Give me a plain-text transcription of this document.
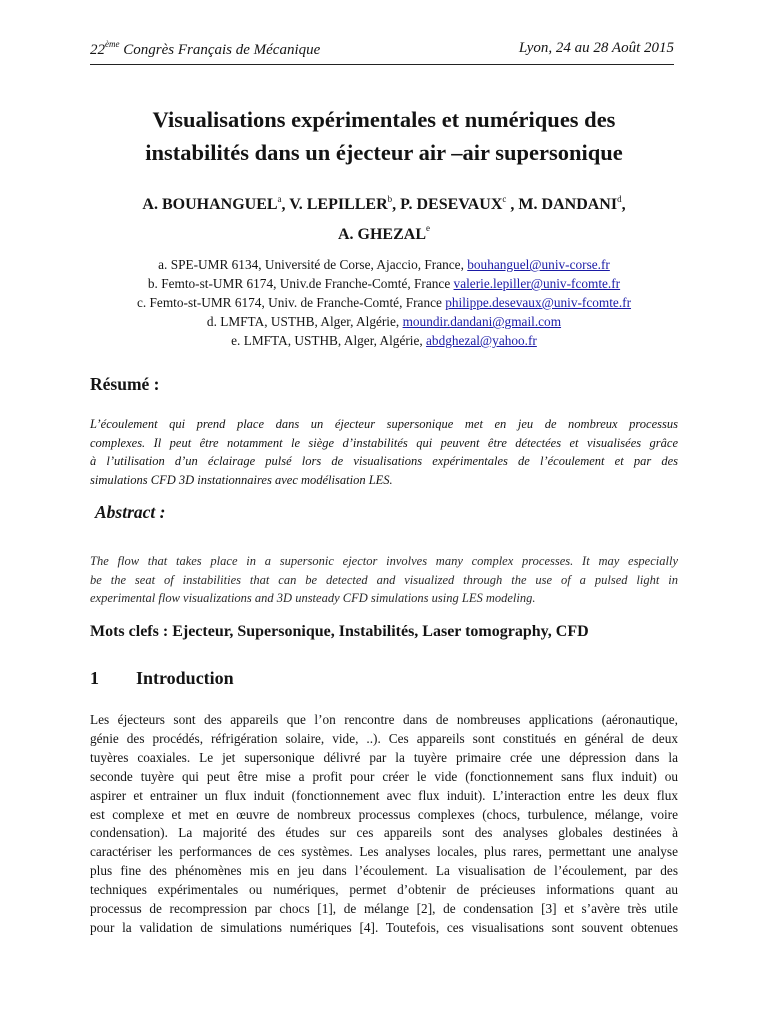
22ème Congrès Français de Mécanique	Lyon, 24 au 28 Août 2015
Visualisations expérimentales et numériques des
instabilités dans un éjecteur air –air supersonique
A. BOUHANGUEL$^a$, V. LEPILLER$^b$, P. DESEVAUX$^c$ , M. DANDANI$^d$,
A. GHEZAL$^e$
a. SPE-UMR 6134, Université de Corse, Ajaccio, France, bouhanguel@univ-corse.fr
b. Femto-st-UMR 6174, Univ.de Franche-Comté, France valerie.lepiller@univ-fcomte.fr
c. Femto-st-UMR 6174, Univ. de Franche-Comté, France philippe.desevaux@univ-fcomte.fr
d. LMFTA, USTHB, Alger, Algérie, moundir.dandani@gmail.com
e. LMFTA, USTHB, Alger, Algérie, abdghezal@yahoo.fr
Résumé :
L’écoulement qui prend place dans un éjecteur supersonique met en jeu de nombreux processus
complexes. Il peut être notamment le siège d’instabilités qui peuvent être détectées et visualisées grâce
à l’utilisation d’un éclairage pulsé lors de visualisations expérimentales de l’écoulement et par des
simulations CFD 3D instationnaires avec modélisation LES.
Abstract :
The flow that takes place in a supersonic ejector involves many complex processes. It may especially
be the seat of instabilities that can be detected and visualized through the use of a pulsed light in
experimental flow visualizations and 3D unsteady CFD simulations using LES modeling.
Mots clefs : Ejecteur, Supersonique, Instabilités, Laser tomography, CFD
1 Introduction
Les éjecteurs sont des appareils que l’on rencontre dans de nombreuses applications (aéronautique,
génie des procédés, réfrigération solaire, vide, ..). Ces appareils sont constitués en général de deux
tuyères coaxiales. Le jet supersonique délivré par la tuyère primaire crée une dépression dans la
seconde tuyère qui peut être mise a profit pour créer le vide (fonctionnement sans flux induit) ou
aspirer et entrainer un flux induit (fonctionnement avec flux induit). L’interaction entre les deux flux
est complexe et met en œuvre de nombreux processus complexes (chocs, turbulence, mélange, voire
condensation). La majorité des études sur ces appareils sont des analyses globales destinées à
caractériser les performances de ces systèmes. Les analyses locales, plus rares, permettant une analyse
plus fine des phénomènes mis en jeu dans l’écoulement. La visualisation de l’écoulement, par des
techniques expérimentales ou numériques, permet d’obtenir de précieuses informations quant au
processus de recompression par chocs [1], de mélange [2], de condensation [3] et s’avère très utile
pour la validation de simulations numériques [4]. Toutefois, ces visualisations sont souvent obtenues
